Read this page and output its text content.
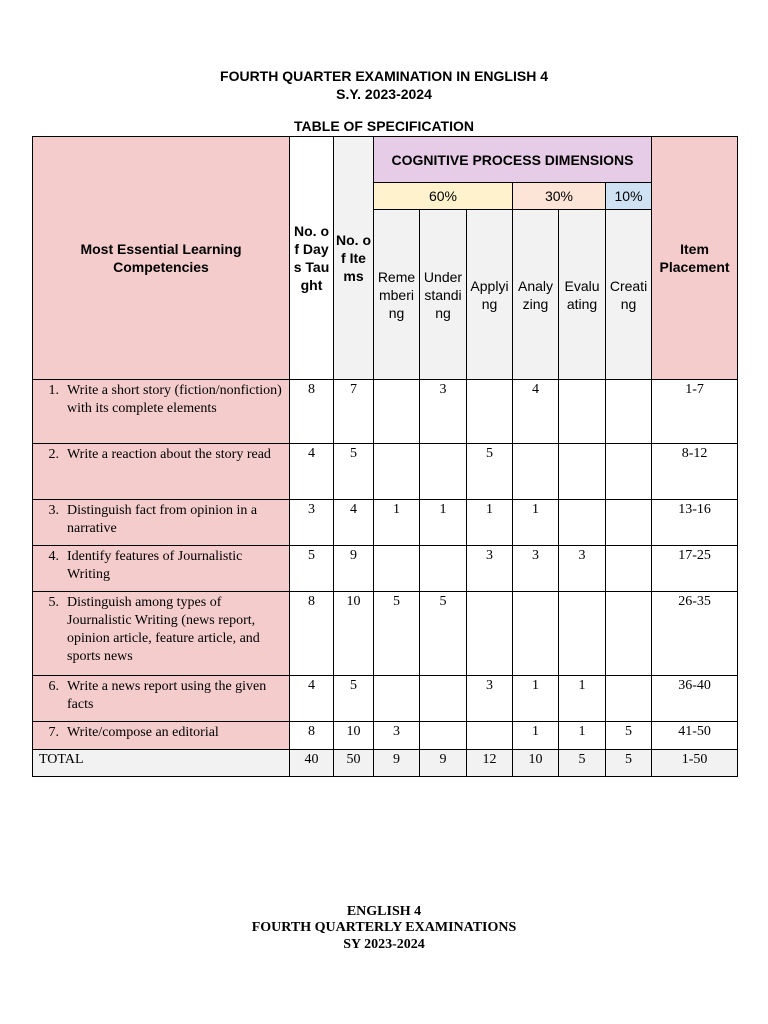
FOURTH QUARTER EXAMINATION IN ENGLISH 4
S.Y. 2023-2024
TABLE OF SPECIFICATION
Most Essential Learning Competencies	No. of Days Taught	No. of Items	COGNITIVE PROCESS DIMENSIONS						Item Placement
			60%			30%		10%	
			Remembering	Understanding	Applying	Analyzing	Evaluating	Creating	

1. Write a short story (fiction/nonfiction) with its complete elements	8	7		3		4			1-7

2. Write a reaction about the story read	4	5			5				8-12

3. Distinguish fact from opinion in a narrative	3	4	1	1	1	1			13-16

4. Identify features of Journalistic Writing	5	9			3	3	3		17-25

5. Distinguish among types of Journalistic Writing (news report, opinion article, feature article, and sports news	8	10	5	5					26-35

6. Write a news report using the given facts	4	5			3	1	1		36-40

7. Write/compose an editorial	8	10	3			1	1	5	41-50
TOTAL	40	50	9	9	12	10	5	5	1-50
ENGLISH 4
FOURTH QUARTERLY EXAMINATIONS
SY 2023-2024
